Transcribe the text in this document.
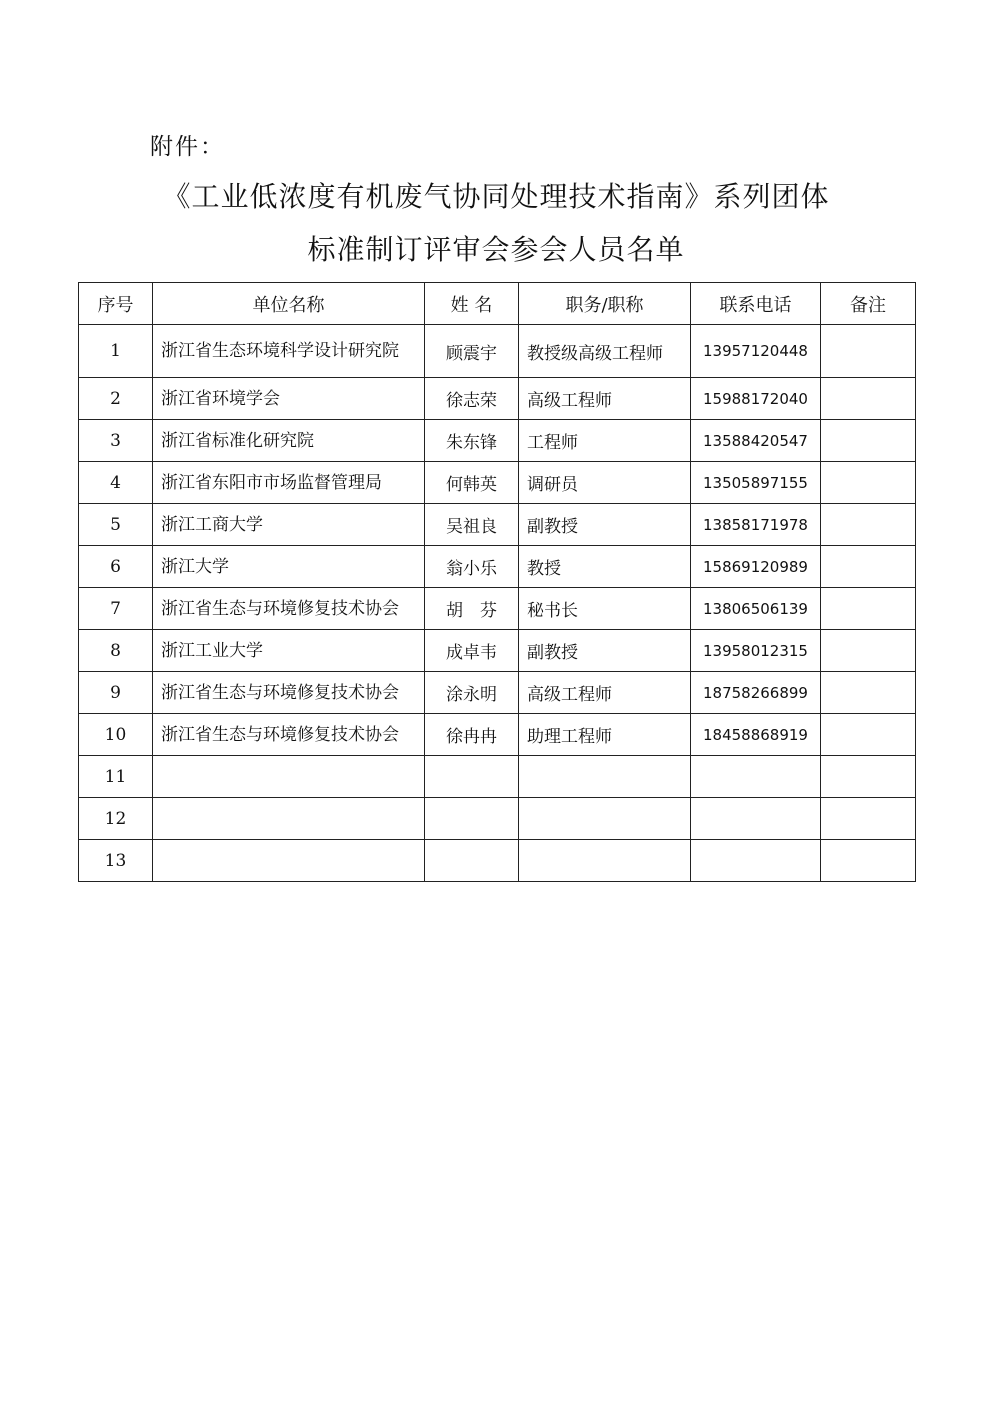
附件：
《工业低浓度有机废气协同处理技术指南》系列团体
标准制订评审会参会人员名单
序号	单位名称	姓 名	职务/职称	联系电话	备注
1	浙江省生态环境科学设计研究院	顾震宇	教授级高级工程师	13957120448	
2	浙江省环境学会	徐志荣	高级工程师	15988172040	
3	浙江省标准化研究院	朱东锋	工程师	13588420547	
4	浙江省东阳市市场监督管理局	何韩英	调研员	13505897155	
5	浙江工商大学	吴祖良	副教授	13858171978	
6	浙江大学	翁小乐	教授	15869120989	
7	浙江省生态与环境修复技术协会	胡　芬	秘书长	13806506139	
8	浙江工业大学	成卓韦	副教授	13958012315	
9	浙江省生态与环境修复技术协会	涂永明	高级工程师	18758266899	
10	浙江省生态与环境修复技术协会	徐冉冉	助理工程师	18458868919	
11					
12					
13					
